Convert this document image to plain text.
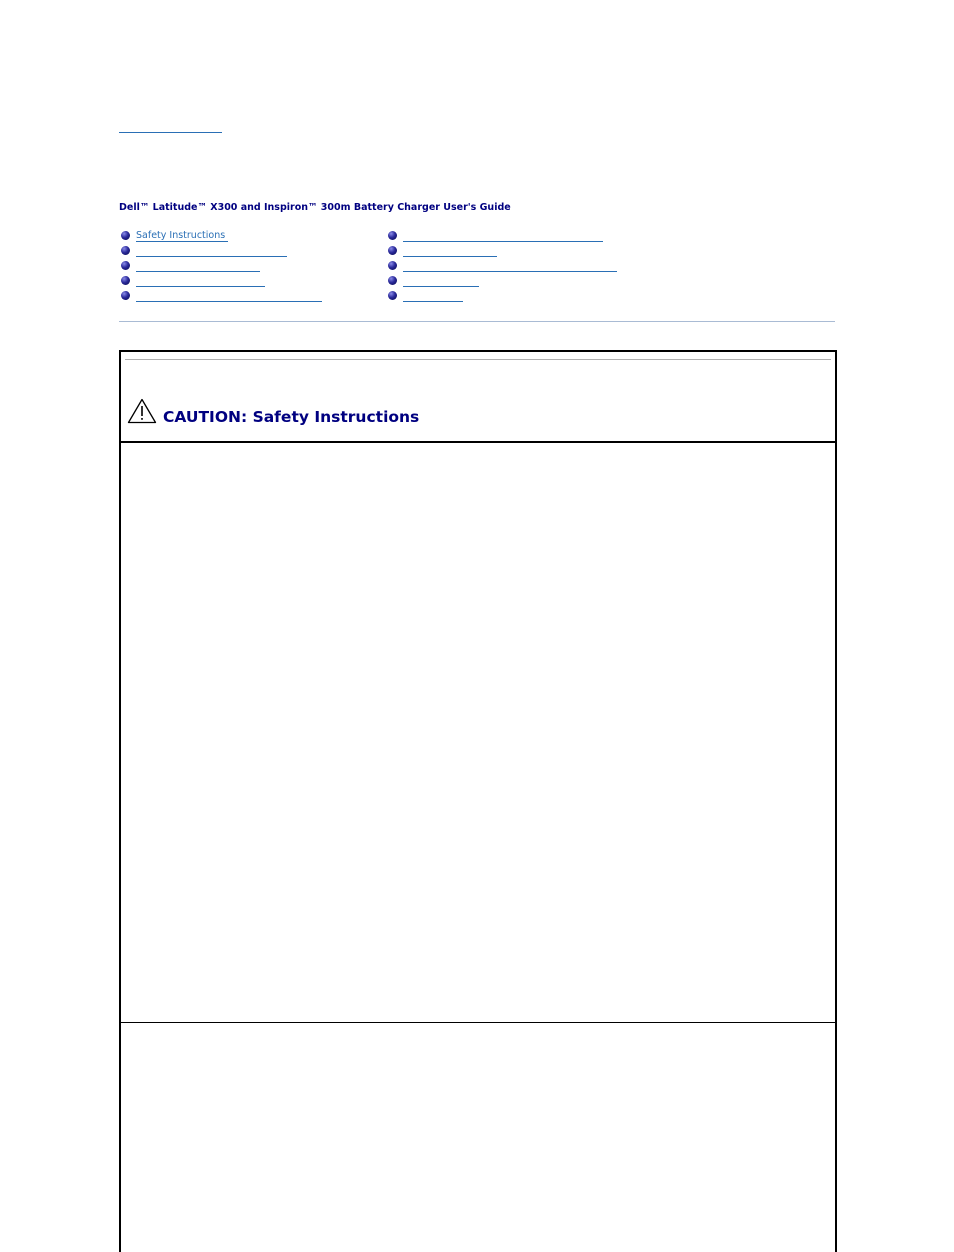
Dell™ Latitude™ X300 and Inspiron™ 300m Battery Charger User's Guide
Safety Instructions
CAUTION: Safety Instructions
